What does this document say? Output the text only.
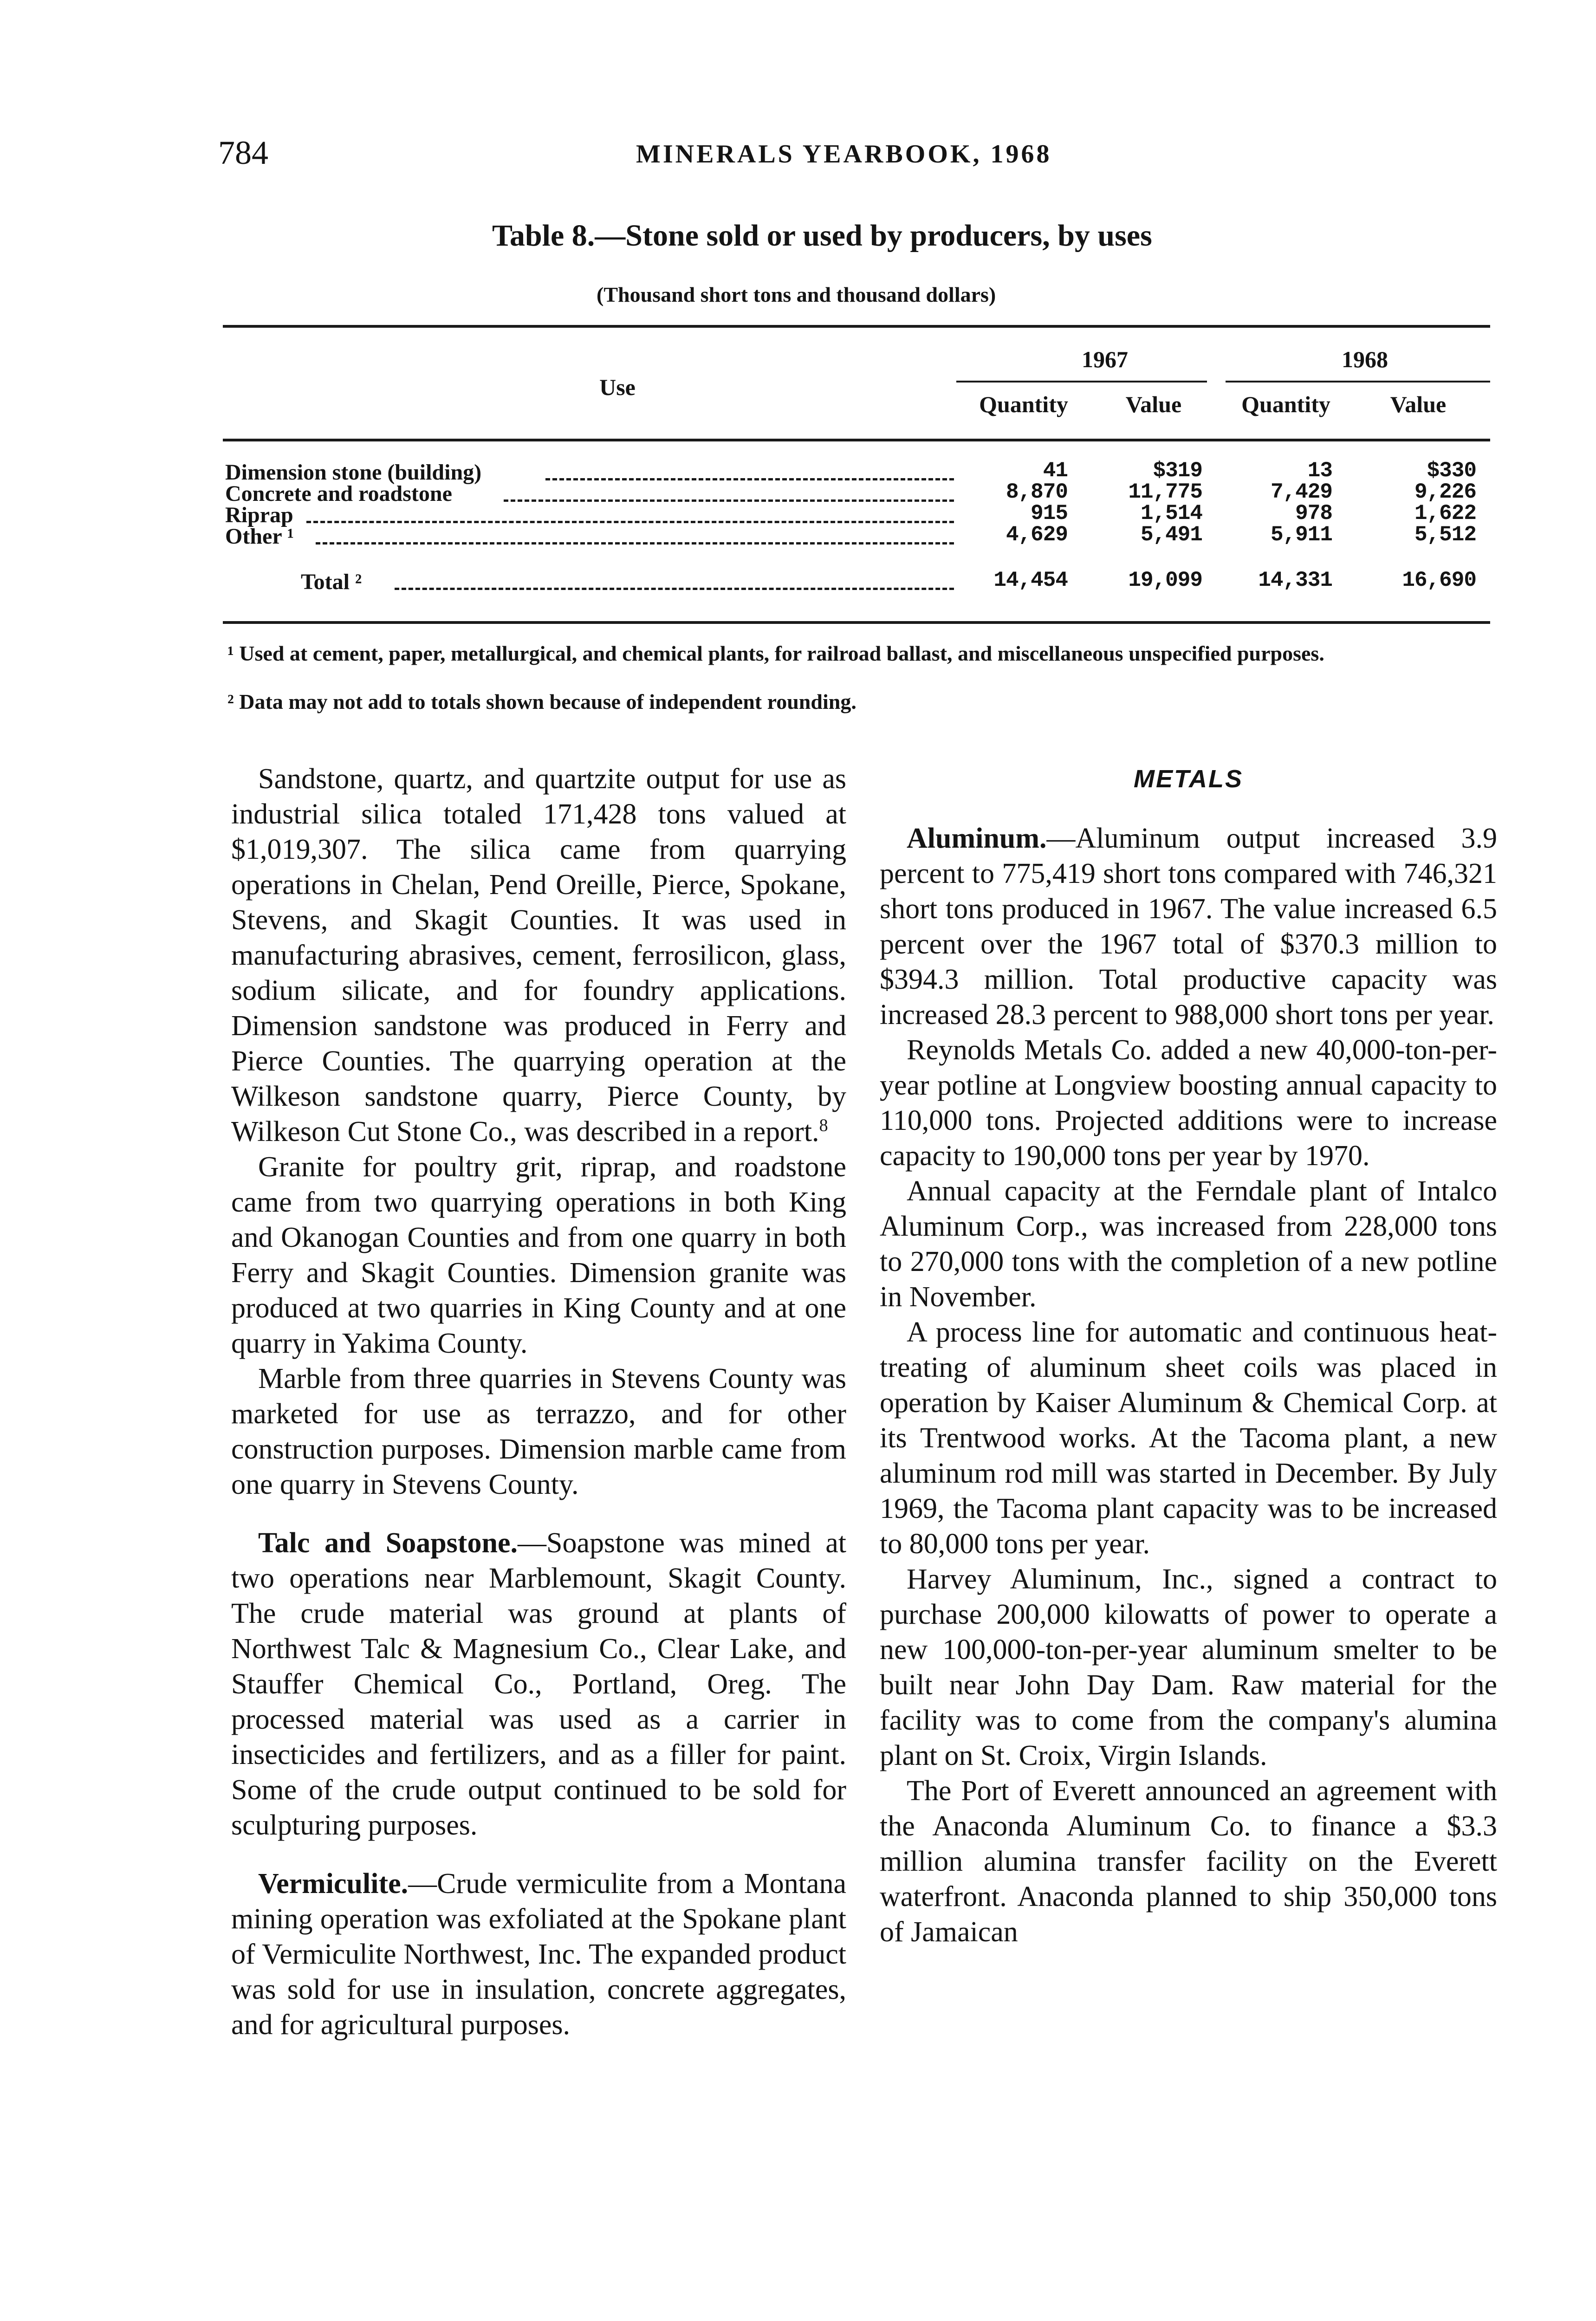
784	MINERALS YEARBOOK, 1968
Table 8.—Stone sold or used by producers, by uses
(Thousand short tons and thousand dollars)
Use
1967	1968
Quantity	Value	Quantity	Value
Dimension stone (building)	41	$319	13	$330
Concrete and roadstone	8,870	11,775	7,429	9,226
Riprap	915	1,514	978	1,622
Other ¹	4,629	5,491	5,911	5,512
Total ²	14,454	19,099	14,331	16,690
¹ Used at cement, paper, metallurgical, and chemical plants, for railroad ballast, and miscellaneous unspecified purposes.
² Data may not add to totals shown because of independent rounding.

Sandstone, quartz, and quartzite output for use as industrial silica totaled 171,428 tons valued at $1,019,307. The silica came from quarrying operations in Chelan, Pend Oreille, Pierce, Spokane, Stevens, and Skagit Counties. It was used in manufacturing abrasives, cement, ferrosilicon, glass, sodium silicate, and for foundry applications. Dimension sandstone was produced in Ferry and Pierce Counties. The quarrying operation at the Wilkeson sandstone quarry, Pierce County, by Wilkeson Cut Stone Co., was described in a report.$^8$

Granite for poultry grit, riprap, and roadstone came from two quarrying operations in both King and Okanogan Counties and from one quarry in both Ferry and Skagit Counties. Dimension granite was produced at two quarries in King County and at one quarry in Yakima County.

Marble from three quarries in Stevens County was marketed for use as terrazzo, and for other construction purposes. Dimension marble came from one quarry in Stevens County.

Talc and Soapstone.—Soapstone was mined at two operations near Marblemount, Skagit County. The crude material was ground at plants of Northwest Talc & Magnesium Co., Clear Lake, and Stauffer Chemical Co., Portland, Oreg. The processed material was used as a carrier in insecticides and fertilizers, and as a filler for paint. Some of the crude output continued to be sold for sculpturing purposes.

Vermiculite.—Crude vermiculite from a Montana mining operation was exfoliated at the Spokane plant of Vermiculite Northwest, Inc. The expanded product was sold for use in insulation, concrete aggregates, and for agricultural purposes.

METALS

Aluminum.—Aluminum output increased 3.9 percent to 775,419 short tons compared with 746,321 short tons produced in 1967. The value increased 6.5 percent over the 1967 total of $370.3 million to $394.3 million. Total productive capacity was increased 28.3 percent to 988,000 short tons per year.

Reynolds Metals Co. added a new 40,000-ton-per-year potline at Longview boosting annual capacity to 110,000 tons. Projected additions were to increase capacity to 190,000 tons per year by 1970.

Annual capacity at the Ferndale plant of Intalco Aluminum Corp., was increased from 228,000 tons to 270,000 tons with the completion of a new potline in November.

A process line for automatic and continuous heat-treating of aluminum sheet coils was placed in operation by Kaiser Aluminum & Chemical Corp. at its Trentwood works. At the Tacoma plant, a new aluminum rod mill was started in December. By July 1969, the Tacoma plant capacity was to be increased to 80,000 tons per year.

Harvey Aluminum, Inc., signed a contract to purchase 200,000 kilowatts of power to operate a new 100,000-ton-per-year aluminum smelter to be built near John Day Dam. Raw material for the facility was to come from the company's alumina plant on St. Croix, Virgin Islands.

The Port of Everett announced an agreement with the Anaconda Aluminum Co. to finance a $3.3 million alumina transfer facility on the Everett waterfront. Anaconda planned to ship 350,000 tons of Jamaican
